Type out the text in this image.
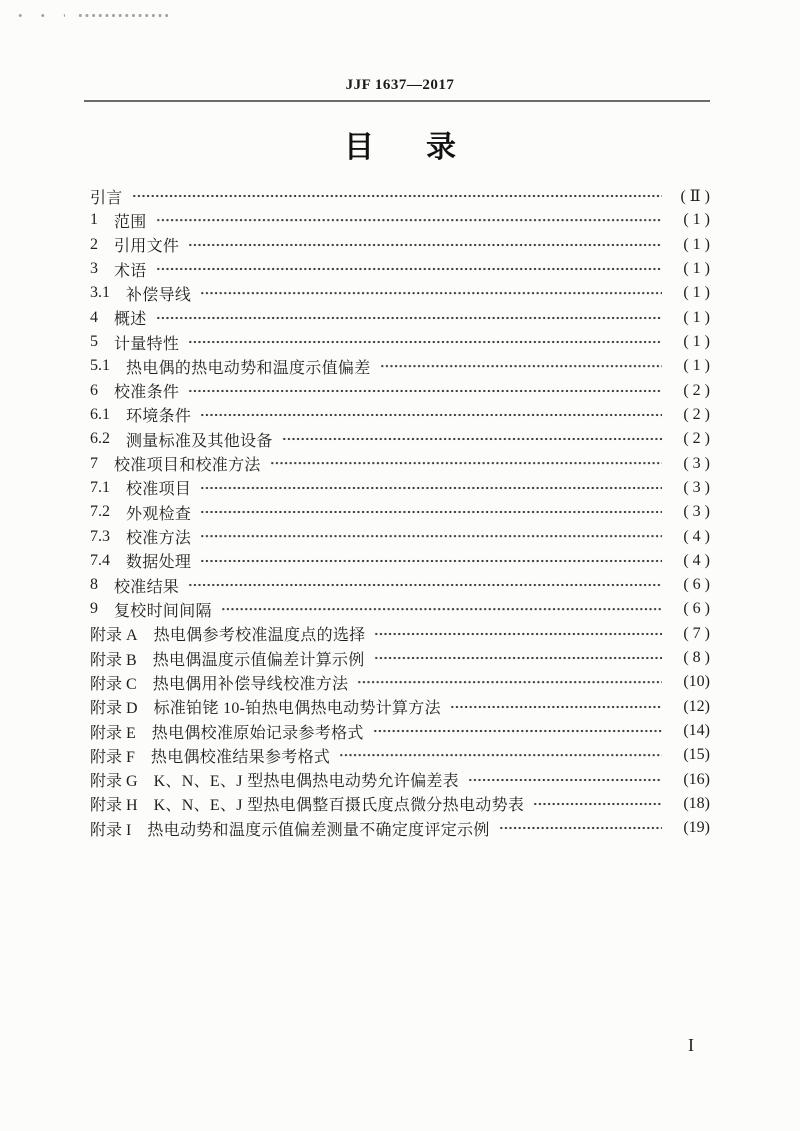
JJF 1637—2017
目 录
引言	( Ⅱ )
1 范围	( 1 )
2 引用文件	( 1 )
3 术语	( 1 )
3.1 补偿导线	( 1 )
4 概述	( 1 )
5 计量特性	( 1 )
5.1 热电偶的热电动势和温度示值偏差	( 1 )
6 校准条件	( 2 )
6.1 环境条件	( 2 )
6.2 测量标准及其他设备	( 2 )
7 校准项目和校准方法	( 3 )
7.1 校准项目	( 3 )
7.2 外观检查	( 3 )
7.3 校准方法	( 4 )
7.4 数据处理	( 4 )
8 校准结果	( 6 )
9 复校时间间隔	( 6 )
附录 A 热电偶参考校准温度点的选择	( 7 )
附录 B 热电偶温度示值偏差计算示例	( 8 )
附录 C 热电偶用补偿导线校准方法	(10)
附录 D 标准铂铑 10-铂热电偶热电动势计算方法	(12)
附录 E 热电偶校准原始记录参考格式	(14)
附录 F 热电偶校准结果参考格式	(15)
附录 G K、N、E、J 型热电偶热电动势允许偏差表	(16)
附录 H K、N、E、J 型热电偶整百摄氏度点微分热电动势表	(18)
附录 I 热电动势和温度示值偏差测量不确定度评定示例	(19)
I
